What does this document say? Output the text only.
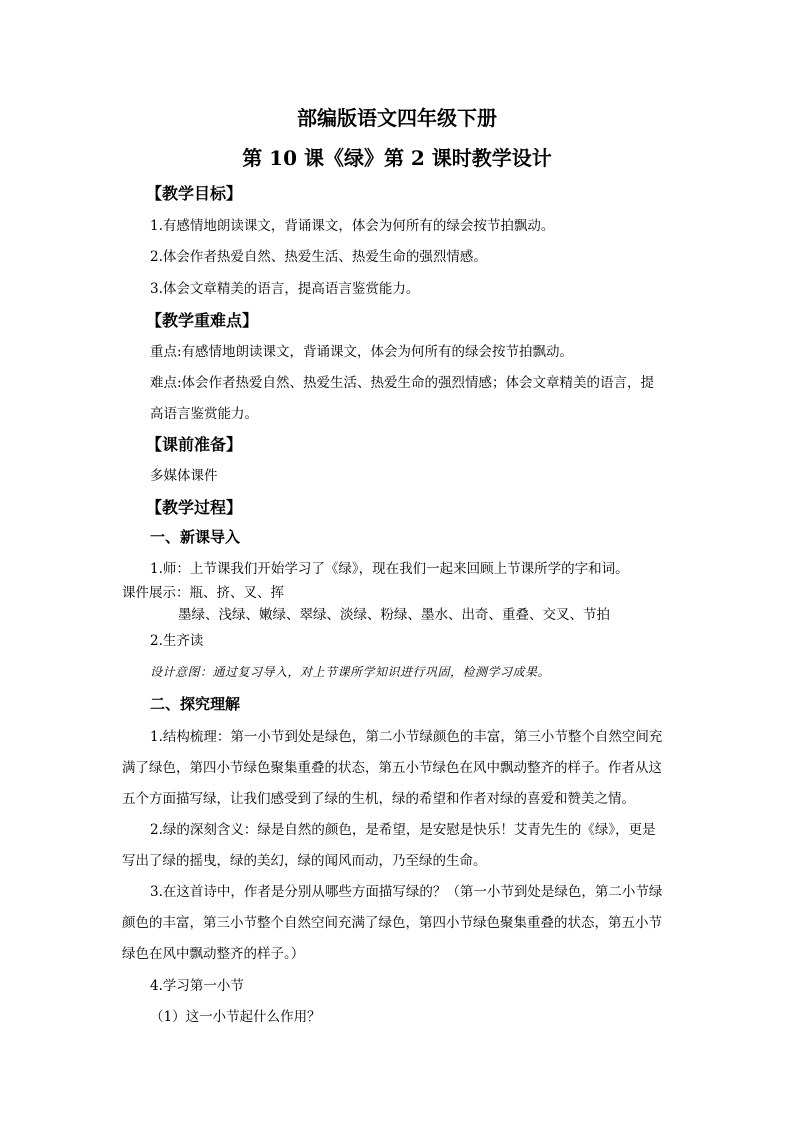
部编版语文四年级下册
第 10 课《绿》第 2 课时教学设计
【教学目标】
1.有感情地朗读课文，背诵课文，体会为何所有的绿会按节拍飘动。
2.体会作者热爱自然、热爱生活、热爱生命的强烈情感。
3.体会文章精美的语言，提高语言鉴赏能力。
【教学重难点】
重点:有感情地朗读课文，背诵课文，体会为何所有的绿会按节拍飘动。
难点:体会作者热爱自然、热爱生活、热爱生命的强烈情感；体会文章精美的语言，提
高语言鉴赏能力。
【课前准备】
多媒体课件
【教学过程】
一、新课导入
1.师：上节课我们开始学习了《绿》，现在我们一起来回顾上节课所学的字和词。
课件展示：瓶、挤、叉、挥
墨绿、浅绿、嫩绿、翠绿、淡绿、粉绿、墨水、出奇、重叠、交叉、节拍
2.生齐读
设计意图：通过复习导入，对上节课所学知识进行巩固，检测学习成果。
二、探究理解
1.结构梳理：第一小节到处是绿色，第二小节绿颜色的丰富，第三小节整个自然空间充
满了绿色，第四小节绿色聚集重叠的状态，第五小节绿色在风中飘动整齐的样子。作者从这
五个方面描写绿，让我们感受到了绿的生机，绿的希望和作者对绿的喜爱和赞美之情。
2.绿的深刻含义：绿是自然的颜色，是希望，是安慰是快乐！艾青先生的《绿》，更是
写出了绿的摇曳，绿的美幻，绿的闻风而动，乃至绿的生命。
3.在这首诗中，作者是分别从哪些方面描写绿的？（第一小节到处是绿色，第二小节绿
颜色的丰富，第三小节整个自然空间充满了绿色，第四小节绿色聚集重叠的状态，第五小节
绿色在风中飘动整齐的样子。）
4.学习第一小节
（1）这一小节起什么作用？
